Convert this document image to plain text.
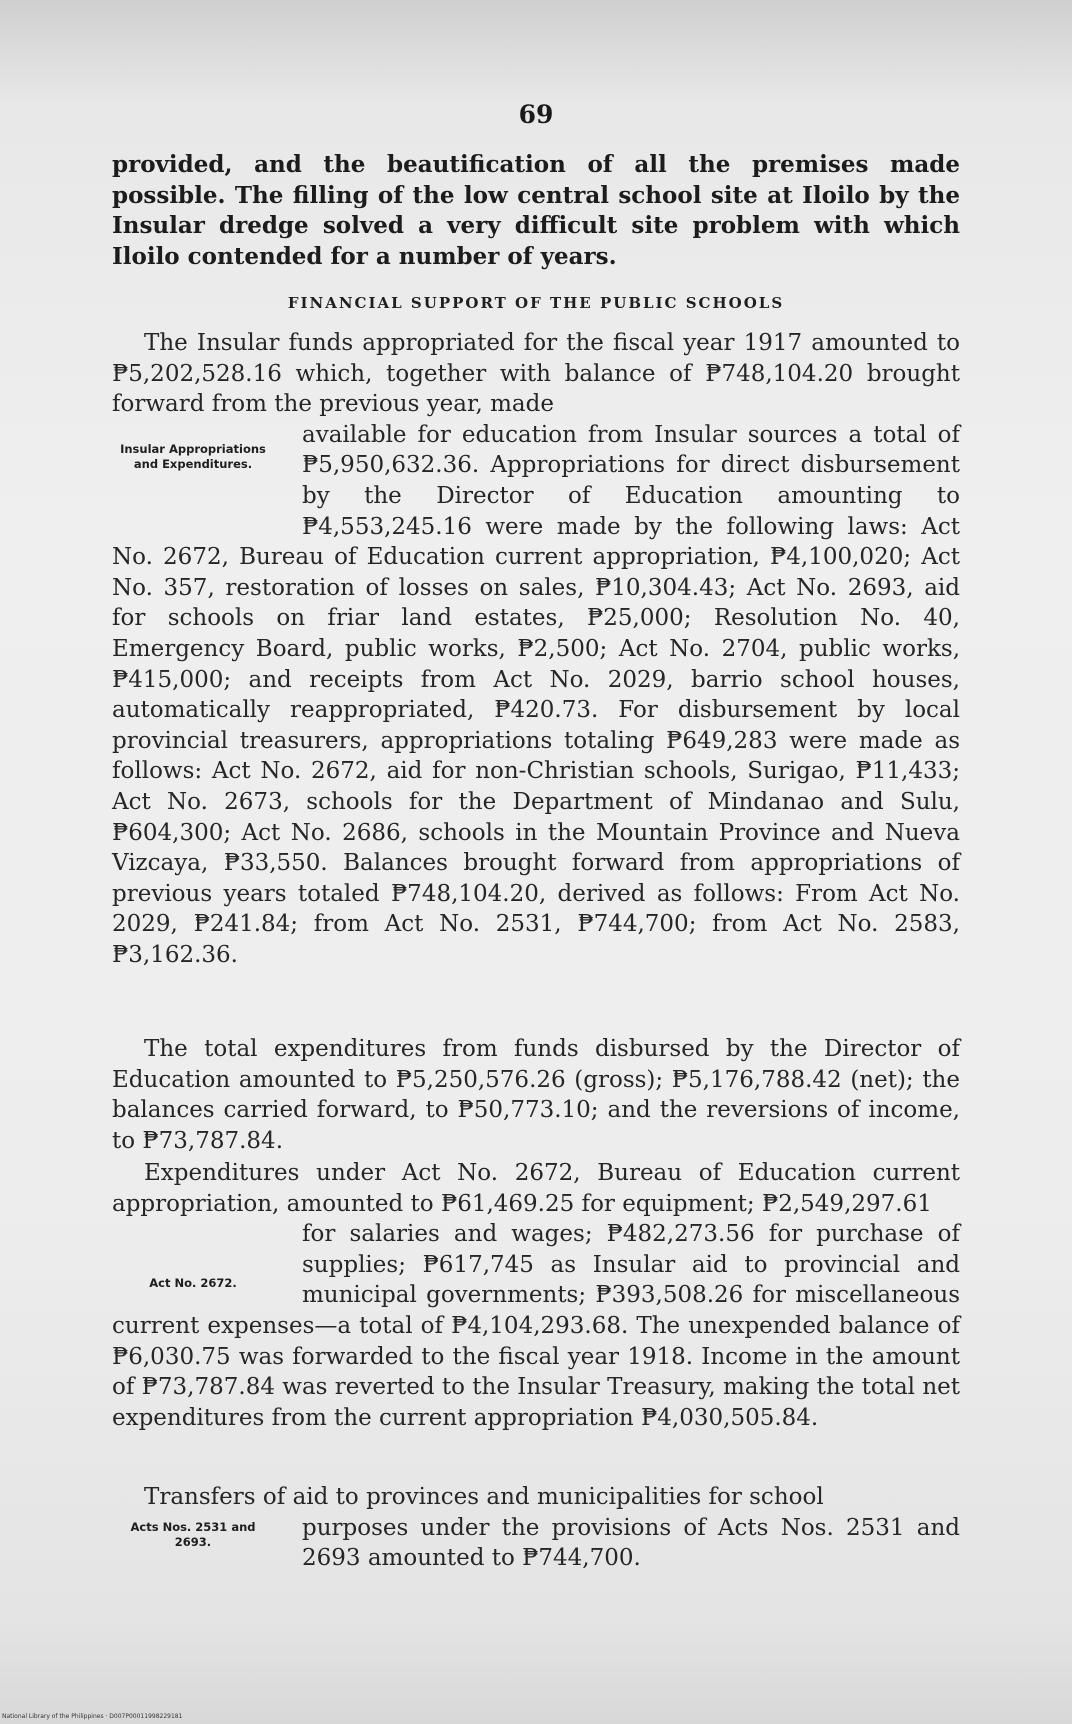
69

provided, and the beautification of all the premises made possible. The filling of the low central school site at Iloilo by the Insular dredge solved a very difficult site problem with which Iloilo contended for a number of years.

FINANCIAL SUPPORT OF THE PUBLIC SCHOOLS

The Insular funds appropriated for the fiscal year 1917 amounted to ₱5,202,528.16 which, together with balance of ₱748,104.20 brought forward from the previous year, made

available for education from Insular sources a total of ₱5,950,632.36. Appropriations for direct disbursement by the Director of Education amounting to ₱4,553,245.16 were made by the following laws: Act No. 2672, Bureau of Education current appropriation, ₱4,100,020; Act No. 357, restoration of losses on sales, ₱10,304.43; Act No. 2693, aid for schools on friar land estates, ₱25,000; Resolution No. 40, Emergency Board, public works, ₱2,500; Act No. 2704, public works, ₱415,000; and receipts from Act No. 2029, barrio school houses, automatically reappropriated, ₱420.73. For disbursement by local provincial treasurers, appropriations totaling ₱649,283 were made as follows: Act No. 2672, aid for non-Christian schools, Surigao, ₱11,433; Act No. 2673, schools for the Department of Mindanao and Sulu, ₱604,300; Act No. 2686, schools in the Mountain Province and Nueva Vizcaya, ₱33,550. Balances brought forward from appropriations of previous years totaled ₱748,104.20, derived as follows: From Act No. 2029, ₱241.84; from Act No. 2531, ₱744,700; from Act No. 2583, ₱3,162.36.

Insular Appropriations and Expenditures.

The total expenditures from funds disbursed by the Director of Education amounted to ₱5,250,576.26 (gross); ₱5,176,788.42 (net); the balances carried forward, to ₱50,773.10; and the reversions of income, to ₱73,787.84.

Expenditures under Act No. 2672, Bureau of Education current appropriation, amounted to ₱61,469.25 for equipment; ₱2,549,297.61

for salaries and wages; ₱482,273.56 for purchase of supplies; ₱617,745 as Insular aid to provincial and municipal governments; ₱393,508.26 for miscellaneous current expenses—a total of ₱4,104,293.68. The unexpended balance of ₱6,030.75 was forwarded to the fiscal year 1918. Income in the amount of ₱73,787.84 was reverted to the Insular Treasury, making the total net expenditures from the current appropriation ₱4,030,505.84.

Act No. 2672.

Transfers of aid to provinces and municipalities for school

purposes under the provisions of Acts Nos. 2531 and 2693 amounted to ₱744,700.

Acts Nos. 2531 and 2693.
National Library of the Philippines · D007P00011998229181
